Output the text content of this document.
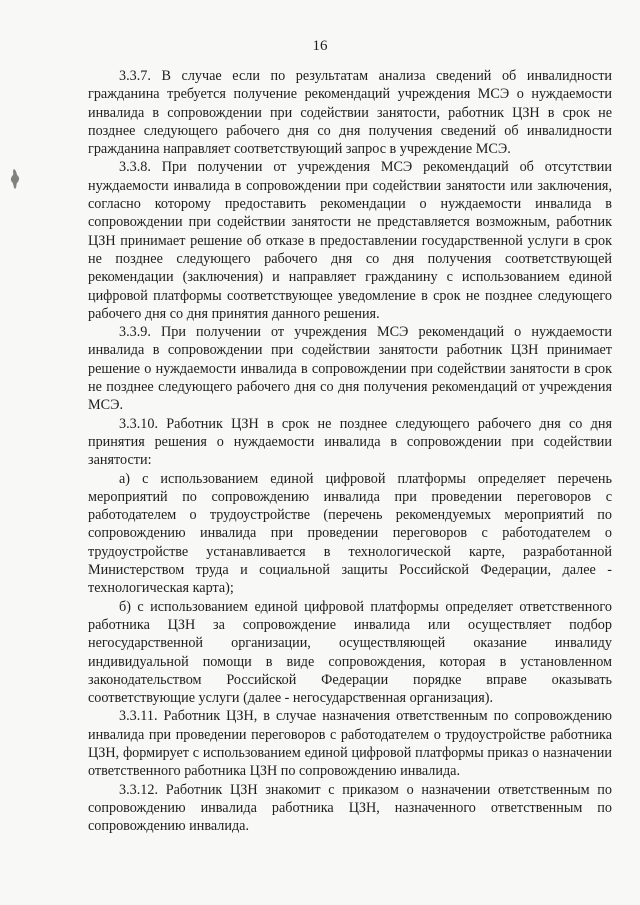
16

3.3.7. В случае если по результатам анализа сведений об инвалидности гражданина требуется получение рекомендаций учреждения МСЭ о нуждаемости инвалида в сопровождении при содействии занятости, работник ЦЗН в срок не позднее следующего рабочего дня со дня получения сведений об инвалидности гражданина направляет соответствующий запрос в учреждение МСЭ.

3.3.8. При получении от учреждения МСЭ рекомендаций об отсутствии нуждаемости инвалида в сопровождении при содействии занятости или заключения, согласно которому предоставить рекомендации о нуждаемости инвалида в сопровождении при содействии занятости не представляется возможным, работник ЦЗН принимает решение об отказе в предоставлении государственной услуги в срок не позднее следующего рабочего дня со дня получения соответствующей рекомендации (заключения) и направляет гражданину с использованием единой цифровой платформы соответствующее уведомление в срок не позднее следующего рабочего дня со дня принятия данного решения.

3.3.9. При получении от учреждения МСЭ рекомендаций о нуждаемости инвалида в сопровождении при содействии занятости работник ЦЗН принимает решение о нуждаемости инвалида в сопровождении при содействии занятости в срок не позднее следующего рабочего дня со дня получения рекомендаций от учреждения МСЭ.

3.3.10. Работник ЦЗН в срок не позднее следующего рабочего дня со дня принятия решения о нуждаемости инвалида в сопровождении при содействии занятости:

а) с использованием единой цифровой платформы определяет перечень мероприятий по сопровождению инвалида при проведении переговоров с работодателем о трудоустройстве (перечень рекомендуемых мероприятий по сопровождению инвалида при проведении переговоров с работодателем о трудоустройстве устанавливается в технологической карте, разработанной Министерством труда и социальной защиты Российской Федерации, далее - технологическая карта);

б) с использованием единой цифровой платформы определяет ответственного работника ЦЗН за сопровождение инвалида или осуществляет подбор негосударственной организации, осуществляющей оказание инвалиду индивидуальной помощи в виде сопровождения, которая в установленном законодательством Российской Федерации порядке вправе оказывать соответствующие услуги (далее - негосударственная организация).

3.3.11. Работник ЦЗН, в случае назначения ответственным по сопровождению инвалида при проведении переговоров с работодателем о трудоустройстве работника ЦЗН, формирует с использованием единой цифровой платформы приказ о назначении ответственного работника ЦЗН по сопровождению инвалида.

3.3.12. Работник ЦЗН знакомит с приказом о назначении ответственным по сопровождению инвалида работника ЦЗН, назначенного ответственным по сопровождению инвалида.
